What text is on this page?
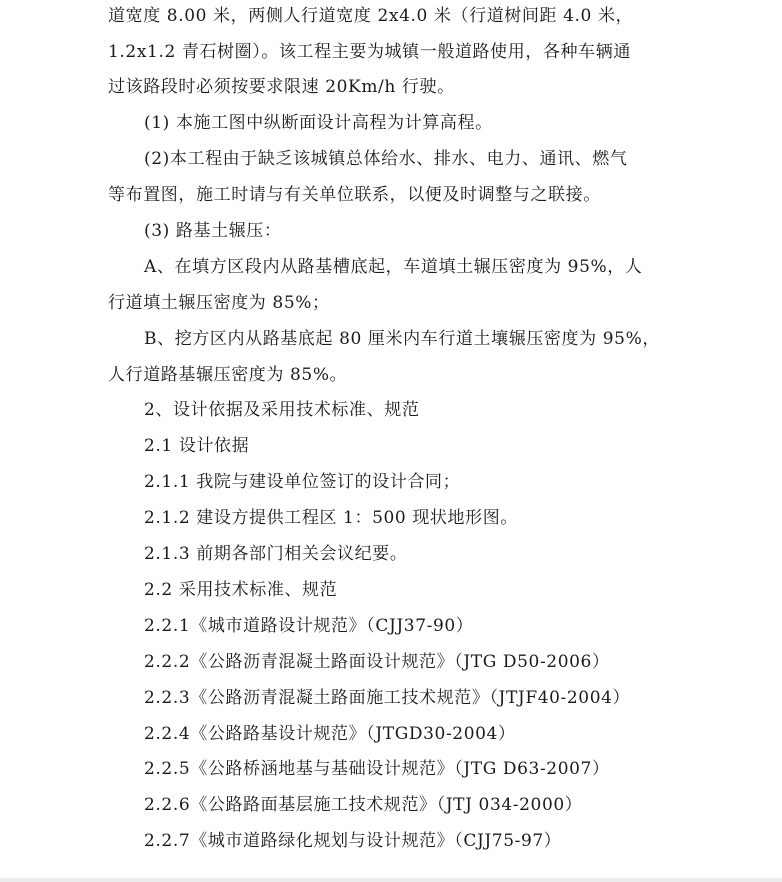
道宽度 8.00 米，两侧人行道宽度 2x4.0 米（行道树间距 4.0 米，
1.2x1.2 青石树圈）。该工程主要为城镇一般道路使用，各种车辆通
过该路段时必须按要求限速 20Km/h 行驶。
(1) 本施工图中纵断面设计高程为计算高程。
(2)本工程由于缺乏该城镇总体给水、排水、电力、通讯、燃气
等布置图，施工时请与有关单位联系，以便及时调整与之联接。
(3) 路基土辗压：
A、在填方区段内从路基槽底起，车道填土辗压密度为 95%，人
行道填土辗压密度为 85%；
B、挖方区内从路基底起 80 厘米内车行道土壤辗压密度为 95%，
人行道路基辗压密度为 85%。
2、设计依据及采用技术标准、规范
2.1 设计依据
2.1.1 我院与建设单位签订的设计合同；
2.1.2 建设方提供工程区 1：500 现状地形图。
2.1.3 前期各部门相关会议纪要。
2.2 采用技术标准、规范
2.2.1《城市道路设计规范》（CJJ37-90）
2.2.2《公路沥青混凝土路面设计规范》（JTG D50-2006）
2.2.3《公路沥青混凝土路面施工技术规范》（JTJF40-2004）
2.2.4《公路路基设计规范》（JTGD30-2004）
2.2.5《公路桥涵地基与基础设计规范》（JTG D63-2007）
2.2.6《公路路面基层施工技术规范》（JTJ 034-2000）
2.2.7《城市道路绿化规划与设计规范》（CJJ75-97）
